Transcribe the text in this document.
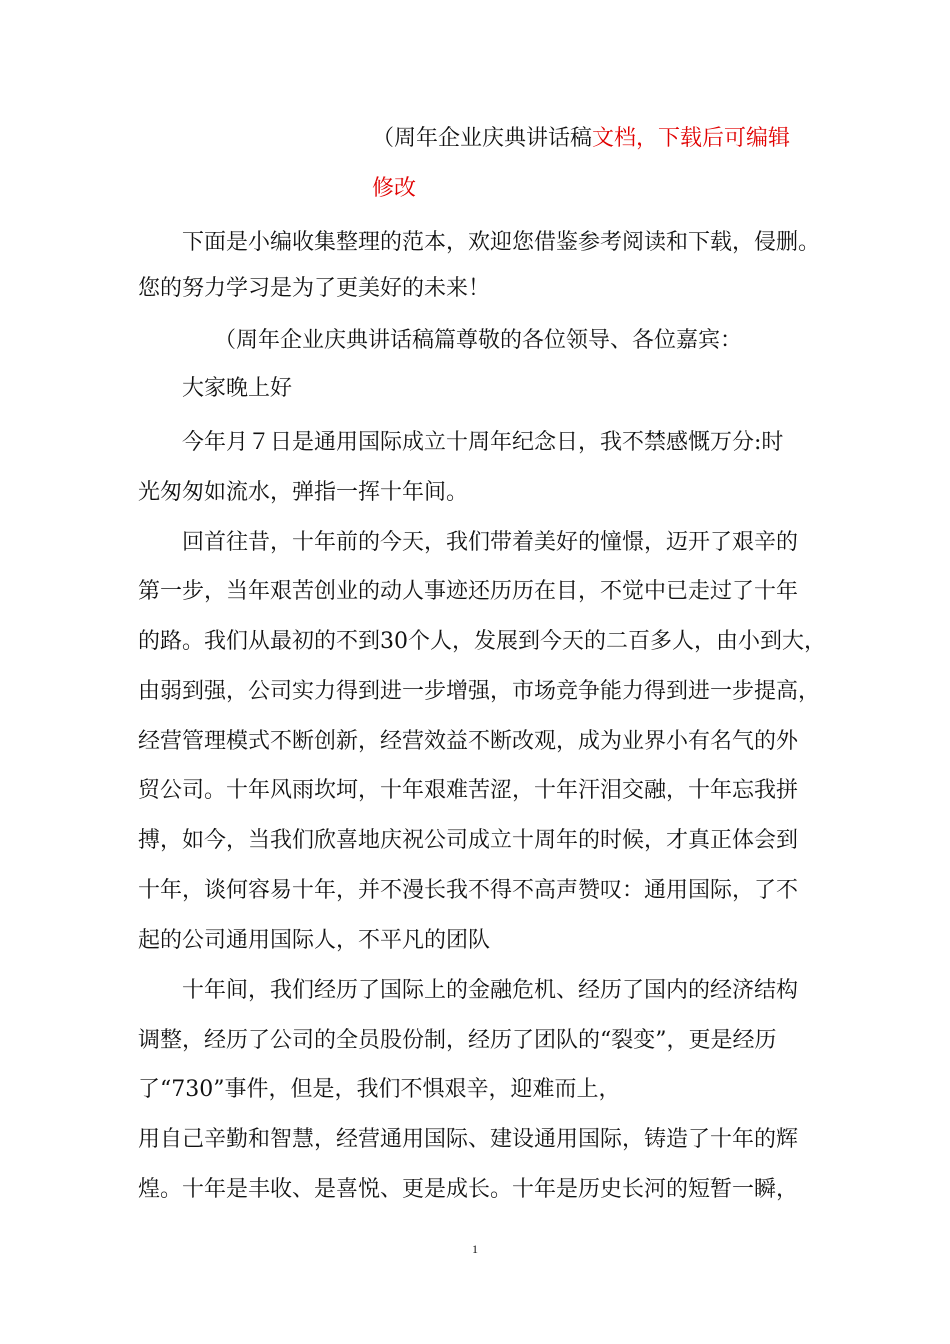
（周年企业庆典讲话稿文档，下载后可编辑
修改
下面是小编收集整理的范本，欢迎您借鉴参考阅读和下载，侵删。
您的努力学习是为了更美好的未来！
（周年企业庆典讲话稿篇尊敬的各位领导、各位嘉宾：
大家晚上好
今年月７日是通用国际成立十周年纪念日，我不禁感慨万分:时
光匆匆如流水，弹指一挥十年间。
回首往昔，十年前的今天，我们带着美好的憧憬，迈开了艰辛的
第一步，当年艰苦创业的动人事迹还历历在目，不觉中已走过了十年
的路。我们从最初的不到30个人，发展到今天的二百多人，由小到大，
由弱到强，公司实力得到进一步增强，市场竞争能力得到进一步提高，
经营管理模式不断创新，经营效益不断改观，成为业界小有名气的外
贸公司。十年风雨坎坷，十年艰难苦涩，十年汗泪交融，十年忘我拼
搏，如今，当我们欣喜地庆祝公司成立十周年的时候，才真正体会到
十年，谈何容易十年，并不漫长我不得不高声赞叹：通用国际，了不
起的公司通用国际人，不平凡的团队
十年间，我们经历了国际上的金融危机、经历了国内的经济结构
调整，经历了公司的全员股份制，经历了团队的“裂变”，更是经历
了“730”事件，但是，我们不惧艰辛，迎难而上，
用自己辛勤和智慧，经营通用国际、建设通用国际，铸造了十年的辉
煌。十年是丰收、是喜悦、更是成长。十年是历史长河的短暂一瞬，
1
